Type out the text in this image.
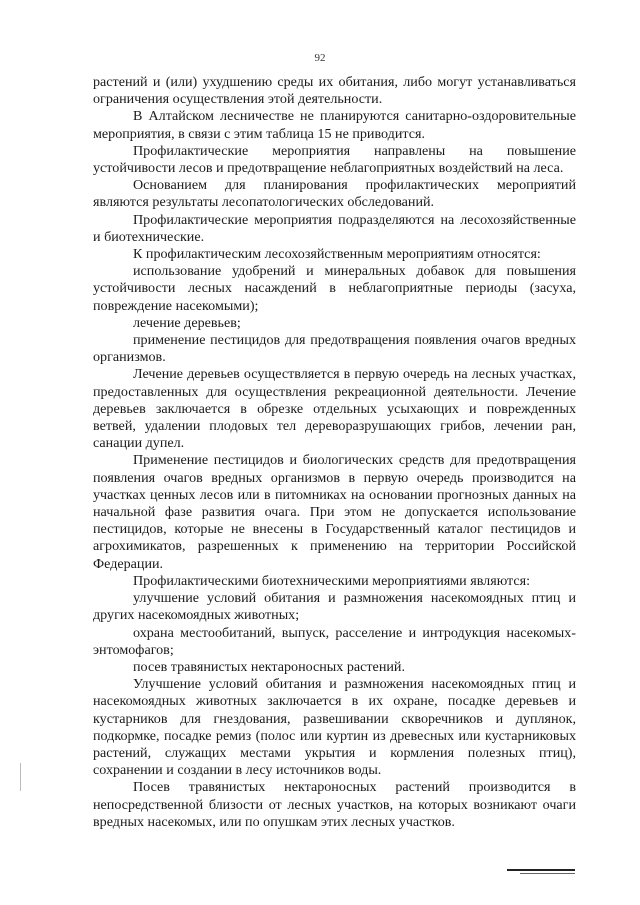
92

растений и (или) ухудшению среды их обитания, либо могут устанавливаться ограничения осуществления этой деятельности.

В Алтайском лесничестве не планируются санитарно-оздоровительные мероприятия, в связи с этим таблица 15 не приводится.

Профилактические мероприятия направлены на повышение устойчивости лесов и предотвращение неблагоприятных воздействий на леса.

Основанием для планирования профилактических мероприятий являются результаты лесопатологических обследований.

Профилактические мероприятия подразделяются на лесохозяйственные и биотехнические.

К профилактическим лесохозяйственным мероприятиям относятся:

использование удобрений и минеральных добавок для повышения устойчивости лесных насаждений в неблагоприятные периоды (засуха, повреждение насекомыми);

лечение деревьев;

применение пестицидов для предотвращения появления очагов вредных организмов.

Лечение деревьев осуществляется в первую очередь на лесных участках, предоставленных для осуществления рекреационной деятельности. Лечение деревьев заключается в обрезке отдельных усыхающих и поврежденных ветвей, удалении плодовых тел дереворазрушающих грибов, лечении ран, санации дупел.

Применение пестицидов и биологических средств для предотвращения появления очагов вредных организмов в первую очередь производится на участках ценных лесов или в питомниках на основании прогнозных данных на начальной фазе развития очага. При этом не допускается использование пестицидов, которые не внесены в Государственный каталог пестицидов и агрохимикатов, разрешенных к применению на территории Российской Федерации.

Профилактическими биотехническими мероприятиями являются:

улучшение условий обитания и размножения насекомоядных птиц и других насекомоядных животных;

охрана местообитаний, выпуск, расселение и интродукция насекомых-энтомофагов;

посев травянистых нектароносных растений.

Улучшение условий обитания и размножения насекомоядных птиц и насекомоядных животных заключается в их охране, посадке деревьев и кустарников для гнездования, развешивании скворечников и дуплянок, подкормке, посадке ремиз (полос или куртин из древесных или кустарниковых растений, служащих местами укрытия и кормления полезных птиц), сохранении и создании в лесу источников воды.

Посев травянистых нектароносных растений производится в непосредственной близости от лесных участков, на которых возникают очаги вредных насекомых, или по опушкам этих лесных участков.
